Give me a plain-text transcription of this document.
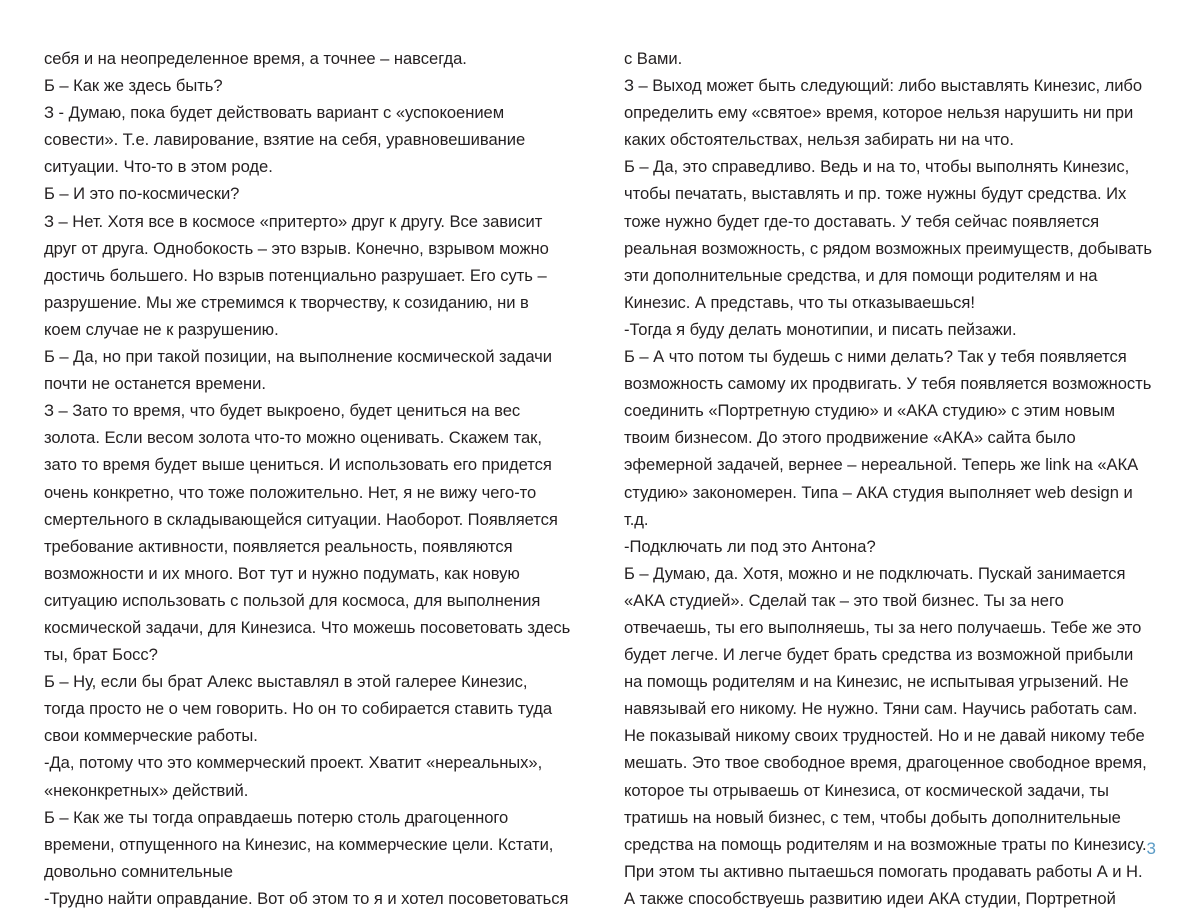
себя и на неопределенное время, а точнее – навсегда.
Б – Как же здесь быть?
З - Думаю, пока будет действовать вариант с «успокоением
совести». Т.е. лавирование, взятие на себя, уравновешивание
ситуации. Что-то в этом роде.
Б – И это по-космически?
З – Нет. Хотя все в космосе «притерто» друг к другу. Все зависит
друг от друга. Однобокость – это взрыв. Конечно, взрывом можно
достичь большего. Но взрыв потенциально разрушает. Его суть –
разрушение. Мы же стремимся к творчеству, к созиданию, ни в
коем случае не к разрушению.
Б – Да, но при такой позиции, на выполнение космической задачи
почти не останется времени.
З – Зато то время, что будет выкроено, будет цениться на вес
золота. Если весом золота что-то можно оценивать. Скажем так,
зато то время будет выше цениться. И использовать его придется
очень конкретно, что тоже положительно. Нет, я не вижу чего-то
смертельного в складывающейся ситуации. Наоборот. Появляется
требование активности, появляется реальность, появляются
возможности и их много. Вот тут и нужно подумать, как новую
ситуацию использовать с пользой для космоса, для выполнения
космической задачи, для Кинезиса. Что можешь посоветовать здесь
ты, брат Босс?
Б – Ну, если бы брат Алекс выставлял в этой галерее Кинезис,
тогда просто не о чем говорить. Но он то собирается ставить туда
свои коммерческие работы.
-Да, потому что это коммерческий проект. Хватит «нереальных»,
«неконкретных» действий.
Б – Как же ты тогда оправдаешь потерю столь драгоценного
времени, отпущенного на Кинезис, на коммерческие цели. Кстати,
довольно сомнительные
-Трудно найти оправдание. Вот об этом то я и хотел посоветоваться
с Вами.
З – Выход может быть следующий: либо выставлять Кинезис, либо
определить ему «святое» время, которое нельзя нарушить ни при
каких обстоятельствах, нельзя забирать ни на что.
Б – Да, это справедливо. Ведь и на то, чтобы выполнять Кинезис,
чтобы печатать, выставлять и пр. тоже нужны будут средства. Их
тоже нужно будет где-то доставать. У тебя сейчас появляется
реальная возможность, с рядом возможных преимуществ, добывать
эти дополнительные средства, и для помощи родителям и на
Кинезис. А представь, что ты отказываешься!
-Тогда я буду делать монотипии, и писать пейзажи.
Б – А что потом ты будешь с ними делать? Так у тебя появляется
возможность самому их продвигать. У тебя появляется возможность
соединить «Портретную студию» и «АКА студию» с этим новым
твоим бизнесом. До этого продвижение «АКА» сайта было
эфемерной задачей, вернее – нереальной. Теперь же link на «АКА
студию» закономерен. Типа – АКА студия выполняет web design и
т.д.
-Подключать ли под это Антона?
Б – Думаю, да. Хотя, можно и не подключать. Пускай занимается
«АКА студией». Сделай так – это твой бизнес. Ты за него
отвечаешь, ты его выполняешь, ты за него получаешь. Тебе же это
будет легче. И легче будет брать средства из возможной прибыли
на помощь родителям и на Кинезис, не испытывая угрызений. Не
навязывай его никому. Не нужно. Тяни сам. Научись работать сам.
Не показывай никому своих трудностей. Но и не давай никому тебе
мешать. Это твое свободное время, драгоценное свободное время,
которое ты отрываешь от Кинезиса, от космической задачи, ты
тратишь на новый бизнес, с тем, чтобы добыть дополнительные
средства на помощь родителям и на возможные траты по Кинезису.
При этом ты активно пытаешься помогать продавать работы А и Н.
А также способствуешь развитию идеи АКА студии, Портретной
3
